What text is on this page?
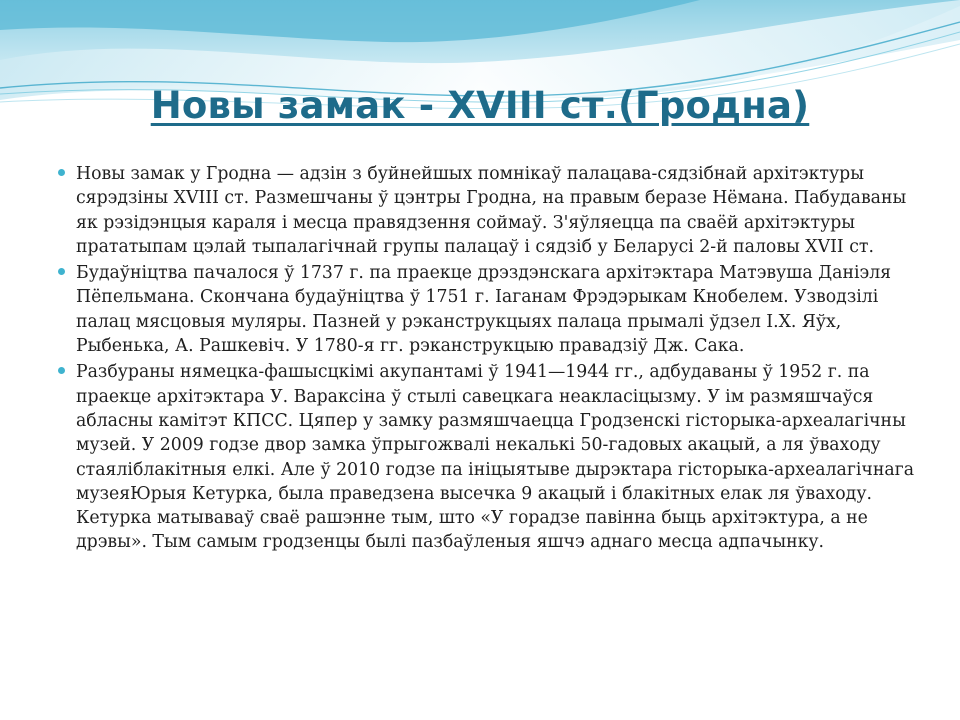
Новы замак - XVIII ст.(Гродна)
Новы замак у Гродна — адзін з буйнейшых помнікаў палацава-сядзібнай архітэктуры сярэдзіны XVIII ст. Размешчаны ў цэнтры Гродна, на правым беразе Нёмана. Пабудаваны як рэзідэнцыя караля і месца правядзення соймаў. З'яўляецца па сваёй архітэктуры прататыпам цэлай тыпалагічнай групы палацаў і сядзіб у Беларусі 2-й паловы XVII ст.
Будаўніцтва пачалося ў 1737 г. па праекце дрэздэнскага архітэктара Матэвуша Даніэля Пёпельмана. Скончана будаўніцтва ў 1751 г. Іаганам Фрэдэрыкам Кнобелем. Узводзілі палац мясцовыя муляры. Пазней у рэканструкцыях палаца прымалі ўдзел І.Х. Яўх, Рыбенька, А. Рашкевіч. У 1780-я гг. рэканструкцыю правадзіў Дж. Сака.
Разбураны нямецка-фашысцкімі акупантамі ў 1941—1944 гг., адбудаваны ў 1952 г. па праекце архітэктара У. Варaксіна ў стылі савецкага неакласіцызму. У ім размяшчаўся абласны камітэт КПСС. Цяпер у замку размяшчаецца Гродзенскі гісторыка-археалагічны музей. У 2009 годзе двор замка ўпрыгожвалі некалькі 50-гадовых акацый, а ля ўваходу стаяліблакітныя елкі. Але ў 2010 годзе па ініцыятыве дырэктара гісторыка-археалагічнага музеяЮрыя Кетурка, была праведзена высечка 9 акацый і блакітных елак ля ўваходу. Кетурка матываваў сваё рашэнне тым, што «У горадзе павінна быць архітэктура, а не дрэвы». Тым самым гродзенцы былі пазбаўленыя яшчэ аднаго месца адпачынку.
